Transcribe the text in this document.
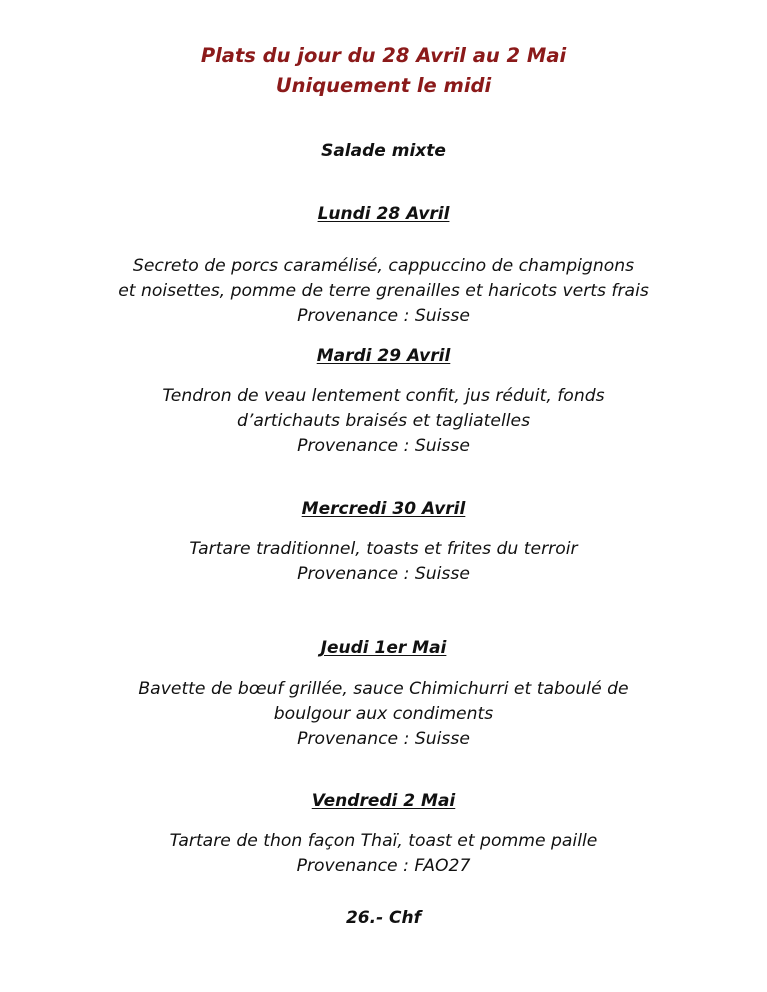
Plats du jour du 28 Avril au 2 Mai
Uniquement le midi
Salade mixte
Lundi 28 Avril
Secreto de porcs caramélisé, cappuccino de champignons
et noisettes, pomme de terre grenailles et haricots verts frais
Provenance : Suisse
Mardi 29 Avril
Tendron de veau lentement confit, jus réduit, fonds
d’artichauts braisés et tagliatelles
Provenance : Suisse
Mercredi 30 Avril
Tartare traditionnel, toasts et frites du terroir
Provenance : Suisse
Jeudi 1er Mai
Bavette de bœuf grillée, sauce Chimichurri et taboulé de
boulgour aux condiments
Provenance : Suisse
Vendredi 2 Mai
Tartare de thon façon Thaï, toast et pomme paille
Provenance : FAO27
26.- Chf
